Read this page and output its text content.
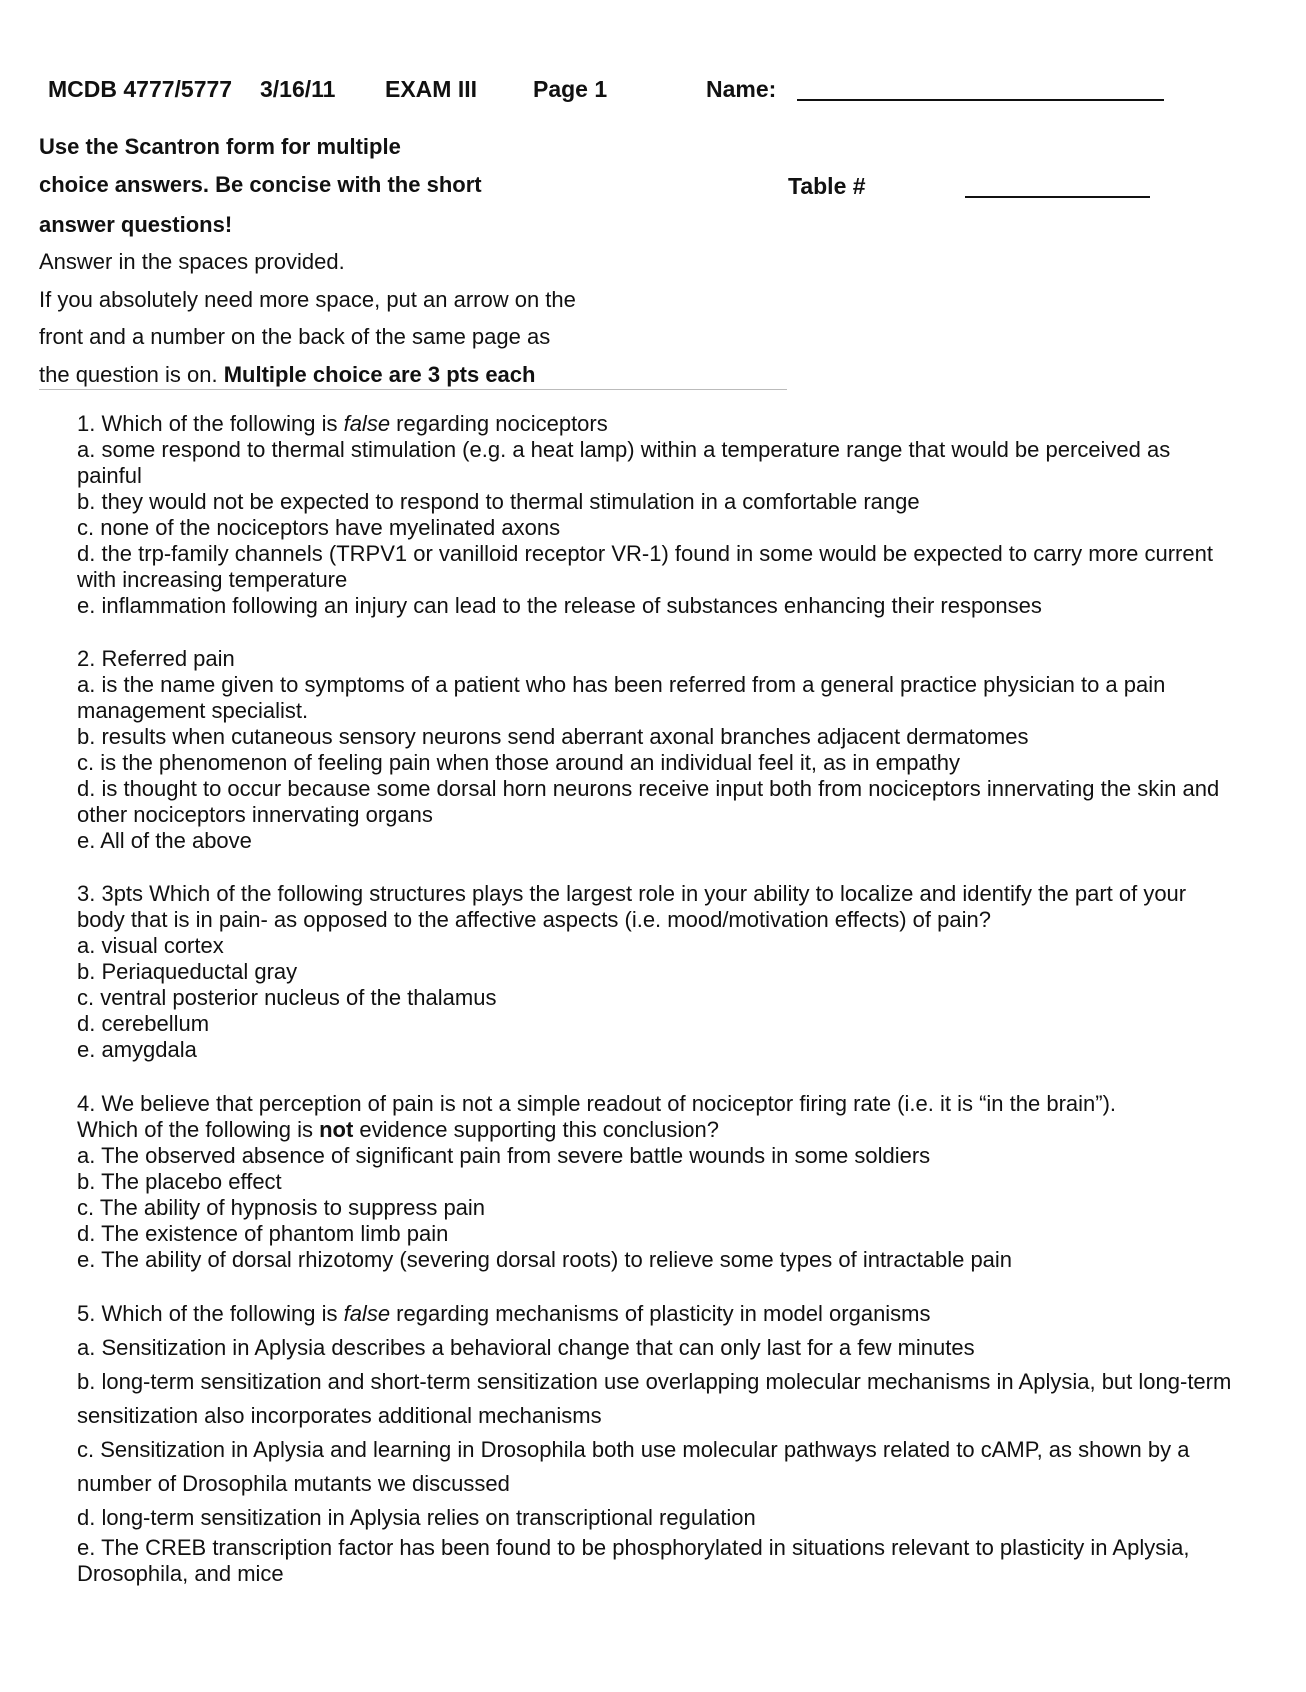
MCDB 4777/5777 3/16/11 EXAM III Page 1	Name:
Table #
Use the Scantron form for multiple
choice answers. Be concise with the short
answer questions!
Answer in the spaces provided.
If you absolutely need more space, put an arrow on the
front and a number on the back of the same page as
the question is on. Multiple choice are 3 pts each

1. Which of the following is false regarding nociceptors

a. some respond to thermal stimulation (e.g. a heat lamp) within a temperature range that would be perceived as painful

b. they would not be expected to respond to thermal stimulation in a comfortable range

c. none of the nociceptors have myelinated axons

d. the trp-family channels (TRPV1 or vanilloid receptor VR-1) found in some would be expected to carry more current with increasing temperature

e. inflammation following an injury can lead to the release of substances enhancing their responses

2. Referred pain

a. is the name given to symptoms of a patient who has been referred from a general practice physician to a pain management specialist.

b. results when cutaneous sensory neurons send aberrant axonal branches adjacent dermatomes

c. is the phenomenon of feeling pain when those around an individual feel it, as in empathy

d. is thought to occur because some dorsal horn neurons receive input both from nociceptors innervating the skin and other nociceptors innervating organs

e. All of the above

3. 3pts Which of the following structures plays the largest role in your ability to localize and identify the part of your body that is in pain- as opposed to the affective aspects (i.e. mood/motivation effects) of pain?

a. visual cortex

b. Periaqueductal gray

c. ventral posterior nucleus of the thalamus

d. cerebellum

e. amygdala

4. We believe that perception of pain is not a simple readout of nociceptor firing rate (i.e. it is “in the brain”).

Which of the following is not evidence supporting this conclusion?

a. The observed absence of significant pain from severe battle wounds in some soldiers

b. The placebo effect

c. The ability of hypnosis to suppress pain

d. The existence of phantom limb pain

e. The ability of dorsal rhizotomy (severing dorsal roots) to relieve some types of intractable pain

5. Which of the following is false regarding mechanisms of plasticity in model organisms

a. Sensitization in Aplysia describes a behavioral change that can only last for a few minutes

b. long-term sensitization and short-term sensitization use overlapping molecular mechanisms in Aplysia, but long-term sensitization also incorporates additional mechanisms

c. Sensitization in Aplysia and learning in Drosophila both use molecular pathways related to cAMP, as shown by a number of Drosophila mutants we discussed

d. long-term sensitization in Aplysia relies on transcriptional regulation

e. The CREB transcription factor has been found to be phosphorylated in situations relevant to plasticity in Aplysia, Drosophila, and mice
